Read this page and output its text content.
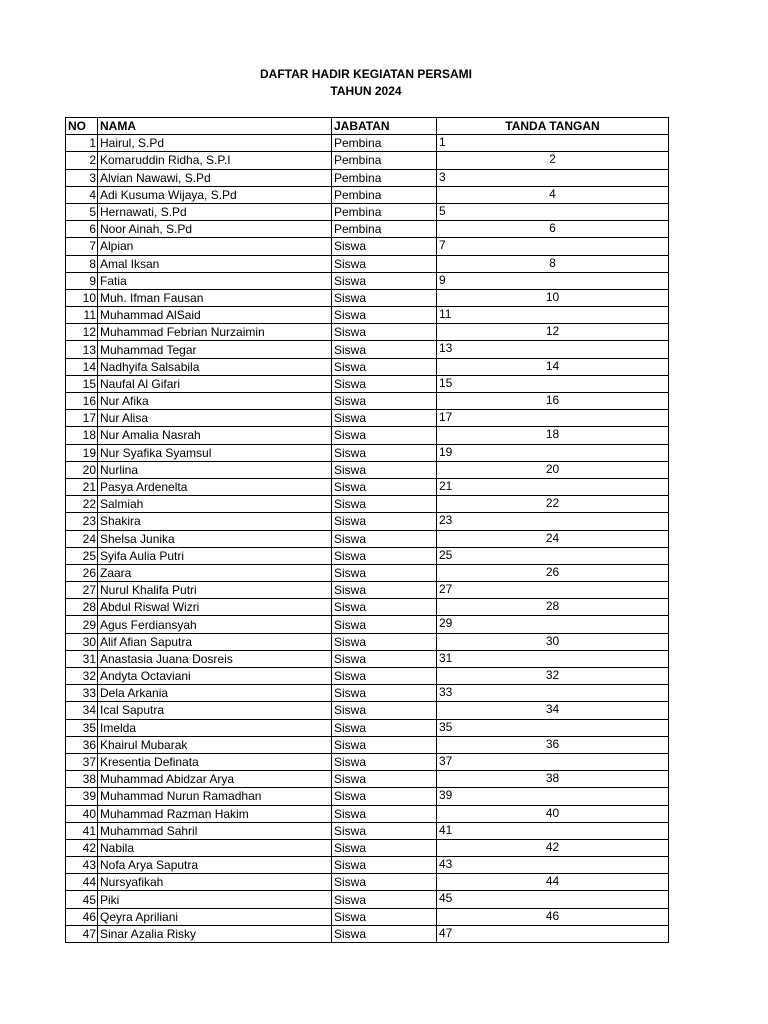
DAFTAR HADIR KEGIATAN PERSAMI
TAHUN 2024
NO	NAMA	JABATAN	TANDA TANGAN
1	Hairul, S.Pd	Pembina	1
2	Komaruddin Ridha, S.P.I	Pembina	2
3	Alvian Nawawi, S.Pd	Pembina	3
4	Adi Kusuma Wijaya, S.Pd	Pembina	4
5	Hernawati, S.Pd	Pembina	5
6	Noor Ainah, S.Pd	Pembina	6
7	Alpian	Siswa	7
8	Amal Iksan	Siswa	8
9	Fatia	Siswa	9
10	Muh. Ifman Fausan	Siswa	10
11	Muhammad AlSaid	Siswa	11
12	Muhammad Febrian Nurzaimin	Siswa	12
13	Muhammad Tegar	Siswa	13
14	Nadhyifa Salsabila	Siswa	14
15	Naufal Al Gifari	Siswa	15
16	Nur Afika	Siswa	16
17	Nur Alisa	Siswa	17
18	Nur Amalia Nasrah	Siswa	18
19	Nur Syafika Syamsul	Siswa	19
20	Nurlina	Siswa	20
21	Pasya Ardenelta	Siswa	21
22	Salmiah	Siswa	22
23	Shakira	Siswa	23
24	Shelsa Junika	Siswa	24
25	Syifa Aulia Putri	Siswa	25
26	Zaara	Siswa	26
27	Nurul Khalifa Putri	Siswa	27
28	Abdul Riswal Wizri	Siswa	28
29	Agus Ferdiansyah	Siswa	29
30	Alif Afian Saputra	Siswa	30
31	Anastasia Juana Dosreis	Siswa	31
32	Andyta Octaviani	Siswa	32
33	Dela Arkania	Siswa	33
34	Ical Saputra	Siswa	34
35	Imelda	Siswa	35
36	Khairul Mubarak	Siswa	36
37	Kresentia Definata	Siswa	37
38	Muhammad Abidzar Arya	Siswa	38
39	Muhammad Nurun Ramadhan	Siswa	39
40	Muhammad Razman Hakim	Siswa	40
41	Muhammad Sahril	Siswa	41
42	Nabila	Siswa	42
43	Nofa Arya Saputra	Siswa	43
44	Nursyafikah	Siswa	44
45	Piki	Siswa	45
46	Qeyra Apriliani	Siswa	46
47	Sinar Azalia Risky	Siswa	47
